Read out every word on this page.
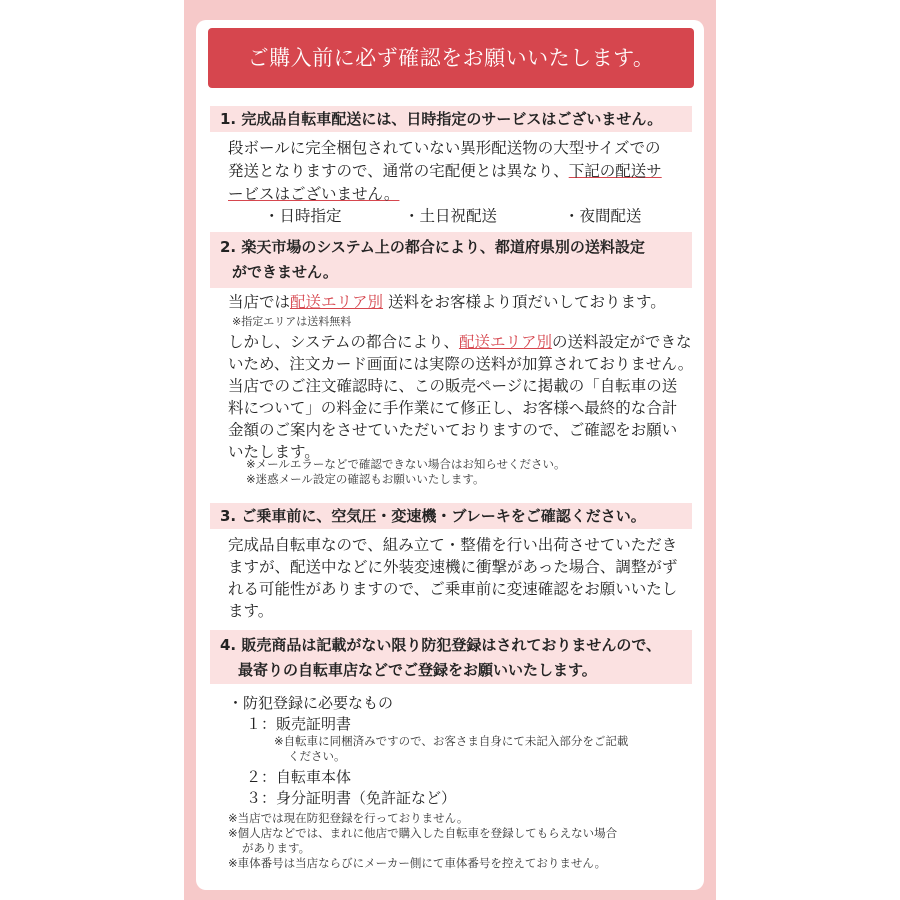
ご購入前に必ず確認をお願いいたします。
1. 完成品自転車配送には、日時指定のサービスはございません。
段ボールに完全梱包されていない異形配送物の大型サイズでの
発送となりますので、通常の宅配便とは異なり、下記の配送サ
ービスはございません。
・日時指定	・土日祝配送	・夜間配送
2. 楽天市場のシステム上の都合により、都道府県別の送料設定
ができません。
当店では配送エリア別 送料をお客様より頂だいしております。
※指定エリアは送料無料
しかし、システムの都合により、配送エリア別の送料設定ができな
いため、注文カード画面には実際の送料が加算されておりません。
当店でのご注文確認時に、この販売ページに掲載の「自転車の送
料について」の料金に手作業にて修正し、お客様へ最終的な合計
金額のご案内をさせていただいておりますので、ご確認をお願い
いたします。
※メールエラーなどで確認できない場合はお知らせください。
※迷惑メール設定の確認もお願いいたします。
3. ご乗車前に、空気圧・変速機・ブレーキをご確認ください。
完成品自転車なので、組み立て・整備を行い出荷させていただき
ますが、配送中などに外装変速機に衝撃があった場合、調整がず
れる可能性がありますので、ご乗車前に変速確認をお願いいたし
ます。
4. 販売商品は記載がない限り防犯登録はされておりませんので、
最寄りの自転車店などでご登録をお願いいたします。
・防犯登録に必要なもの
１：販売証明書
※自転車に同梱済みですので、お客さま自身にて未記入部分をご記載
ください。
２：自転車本体
３：身分証明書（免許証など）
※当店では現在防犯登録を行っておりません。
※個人店などでは、まれに他店で購入した自転車を登録してもらえない場合
があります。
※車体番号は当店ならびにメーカー側にて車体番号を控えておりません。
